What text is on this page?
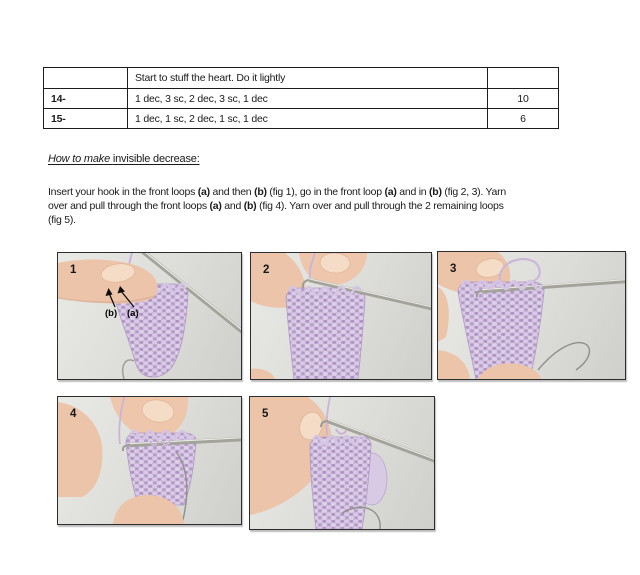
	Start to stuff the heart. Do it lightly	
14-	1 dec, 3 sc, 2 dec, 3 sc, 1 dec	10
15-	1 dec, 1 sc, 2 dec, 1 sc, 1 dec	6
How to make invisible decrease:
Insert your hook in the front loops (a) and then (b) (fig 1), go in the front loop (a) and in (b) (fig 2, 3). Yarn
over and pull through the front loops (a) and (b) (fig 4). Yarn over and pull through the 2 remaining loops
(fig 5).
1
(b) (a)
2	3
4	5
